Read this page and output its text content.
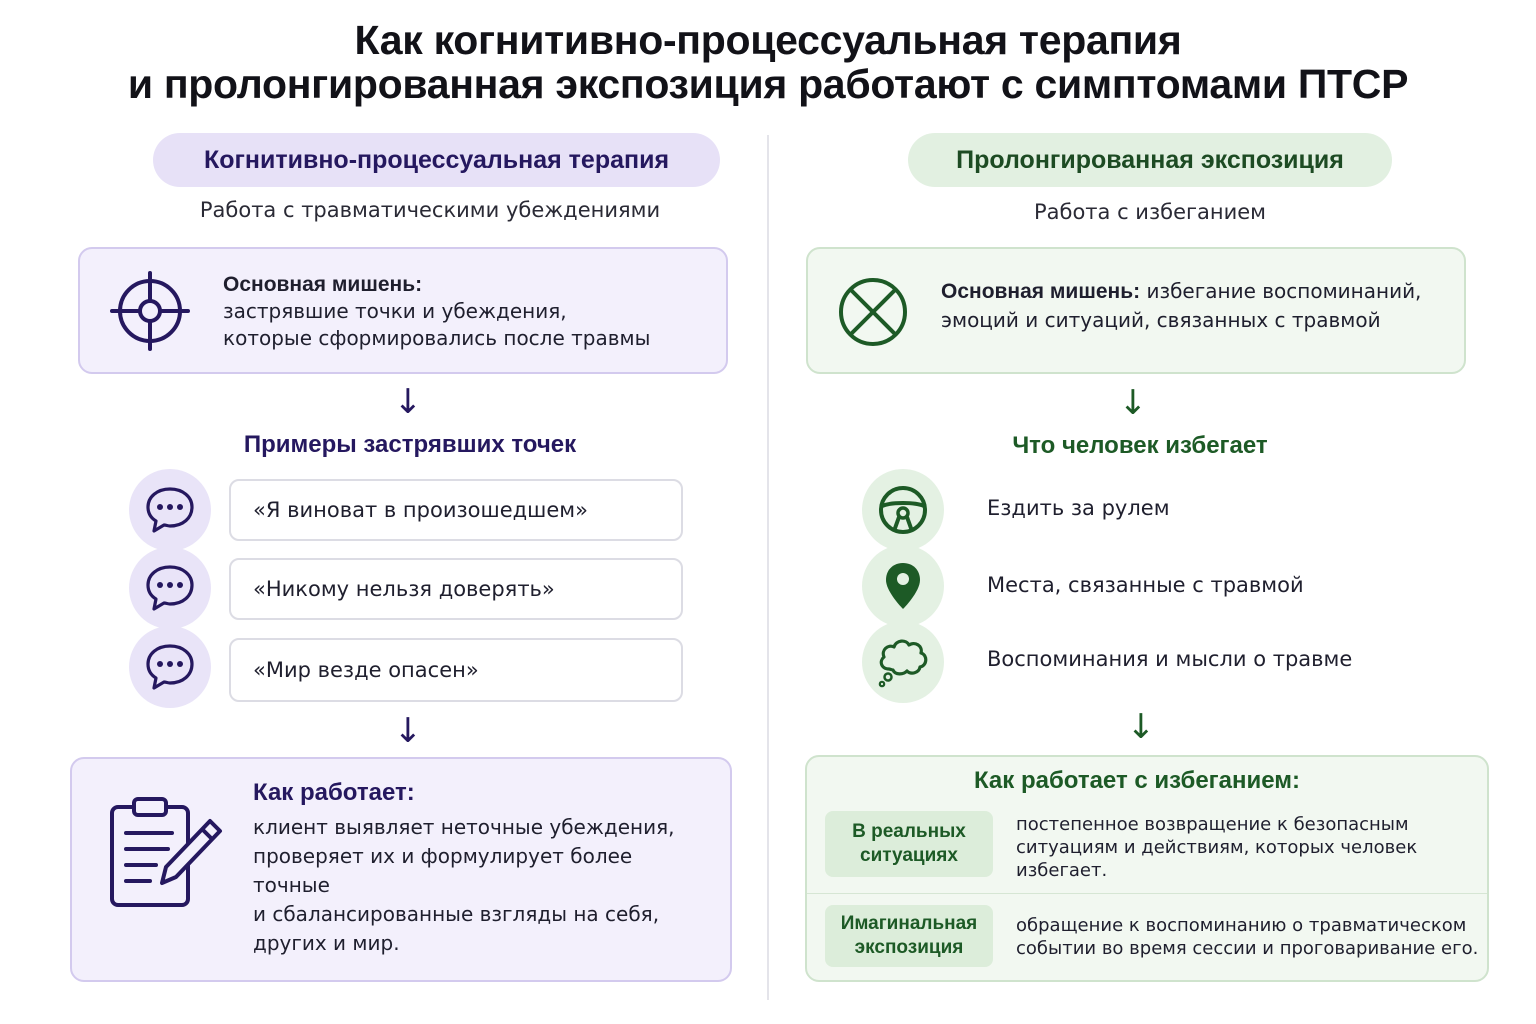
Как когнитивно-процессуальная терапия
и пролонгированная экспозиция работают с симптомами ПТСР
Когнитивно-процессуальная терапия
Работа с травматическими убеждениями
Основная мишень:
застрявшие точки и убеждения,
которые сформировались после травмы
↓
Примеры застрявших точек
«Я виноват в произошедшем»
«Никому нельзя доверять»
«Мир везде опасен»
↓
Как работает:
клиент выявляет неточные убеждения,
проверяет их и формулирует более точные
и сбалансированные взгляды на себя,
других и мир.
Пролонгированная экспозиция
Работа с избеганием
Основная мишень: избегание воспоминаний,
эмоций и ситуаций, связанных с травмой
↓
Что человек избегает
Ездить за рулем
Места, связанные с травмой
Воспоминания и мысли о травме
↓
Как работает с избеганием:
В реальных
ситуациях
постепенное возвращение к безопасным
ситуациям и действиям, которых человек
избегает.
Имагинальная
экспозиция
обращение к воспоминанию о травматическом
событии во время сессии и проговаривание его.
